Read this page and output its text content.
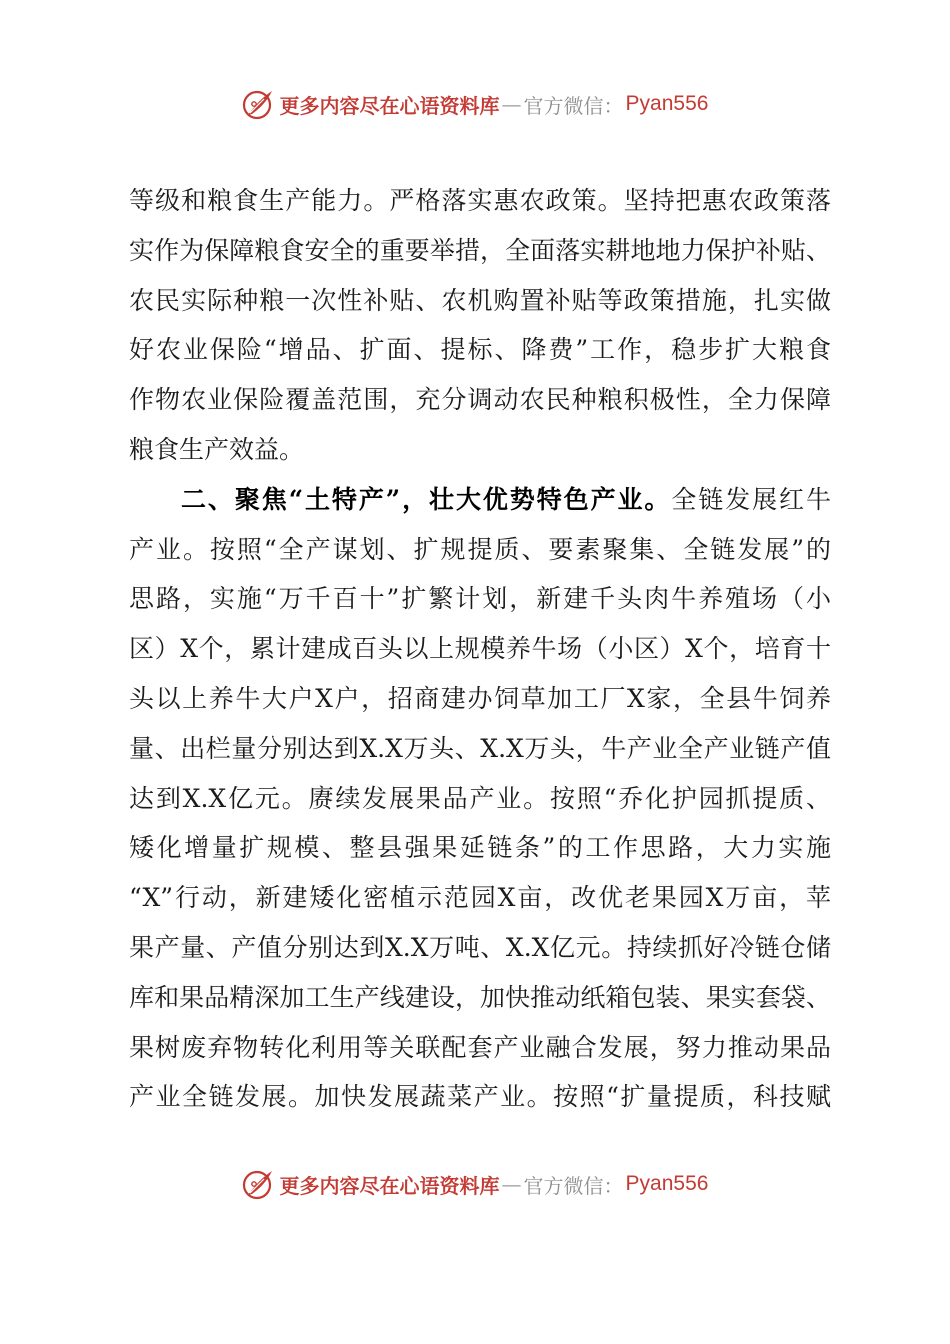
更多内容尽在心语资料库 — 官方微信： Pyan556
等级和粮食生产能力。严格落实惠农政策。坚持把惠农政策落
实作为保障粮食安全的重要举措，全面落实耕地地力保护补贴、
农民实际种粮一次性补贴、农机购置补贴等政策措施，扎实做
好农业保险“增品、扩面、提标、降费”工作，稳步扩大粮食
作物农业保险覆盖范围，充分调动农民种粮积极性，全力保障
粮食生产效益。
二、聚焦“土特产”，壮大优势特色产业。全链发展红牛
产业。按照“全产谋划、扩规提质、要素聚集、全链发展”的
思路，实施“万千百十”扩繁计划，新建千头肉牛养殖场（小
区）X个，累计建成百头以上规模养牛场（小区）X个，培育十
头以上养牛大户X户，招商建办饲草加工厂X家，全县牛饲养
量、出栏量分别达到X.X万头、X.X万头，牛产业全产业链产值
达到X.X亿元。赓续发展果品产业。按照“乔化护园抓提质、
矮化增量扩规模、整县强果延链条”的工作思路，大力实施
“X”行动，新建矮化密植示范园X亩，改优老果园X万亩，苹
果产量、产值分别达到X.X万吨、X.X亿元。持续抓好冷链仓储
库和果品精深加工生产线建设，加快推动纸箱包装、果实套袋、
果树废弃物转化利用等关联配套产业融合发展，努力推动果品
产业全链发展。加快发展蔬菜产业。按照“扩量提质，科技赋
更多内容尽在心语资料库 — 官方微信： Pyan556
